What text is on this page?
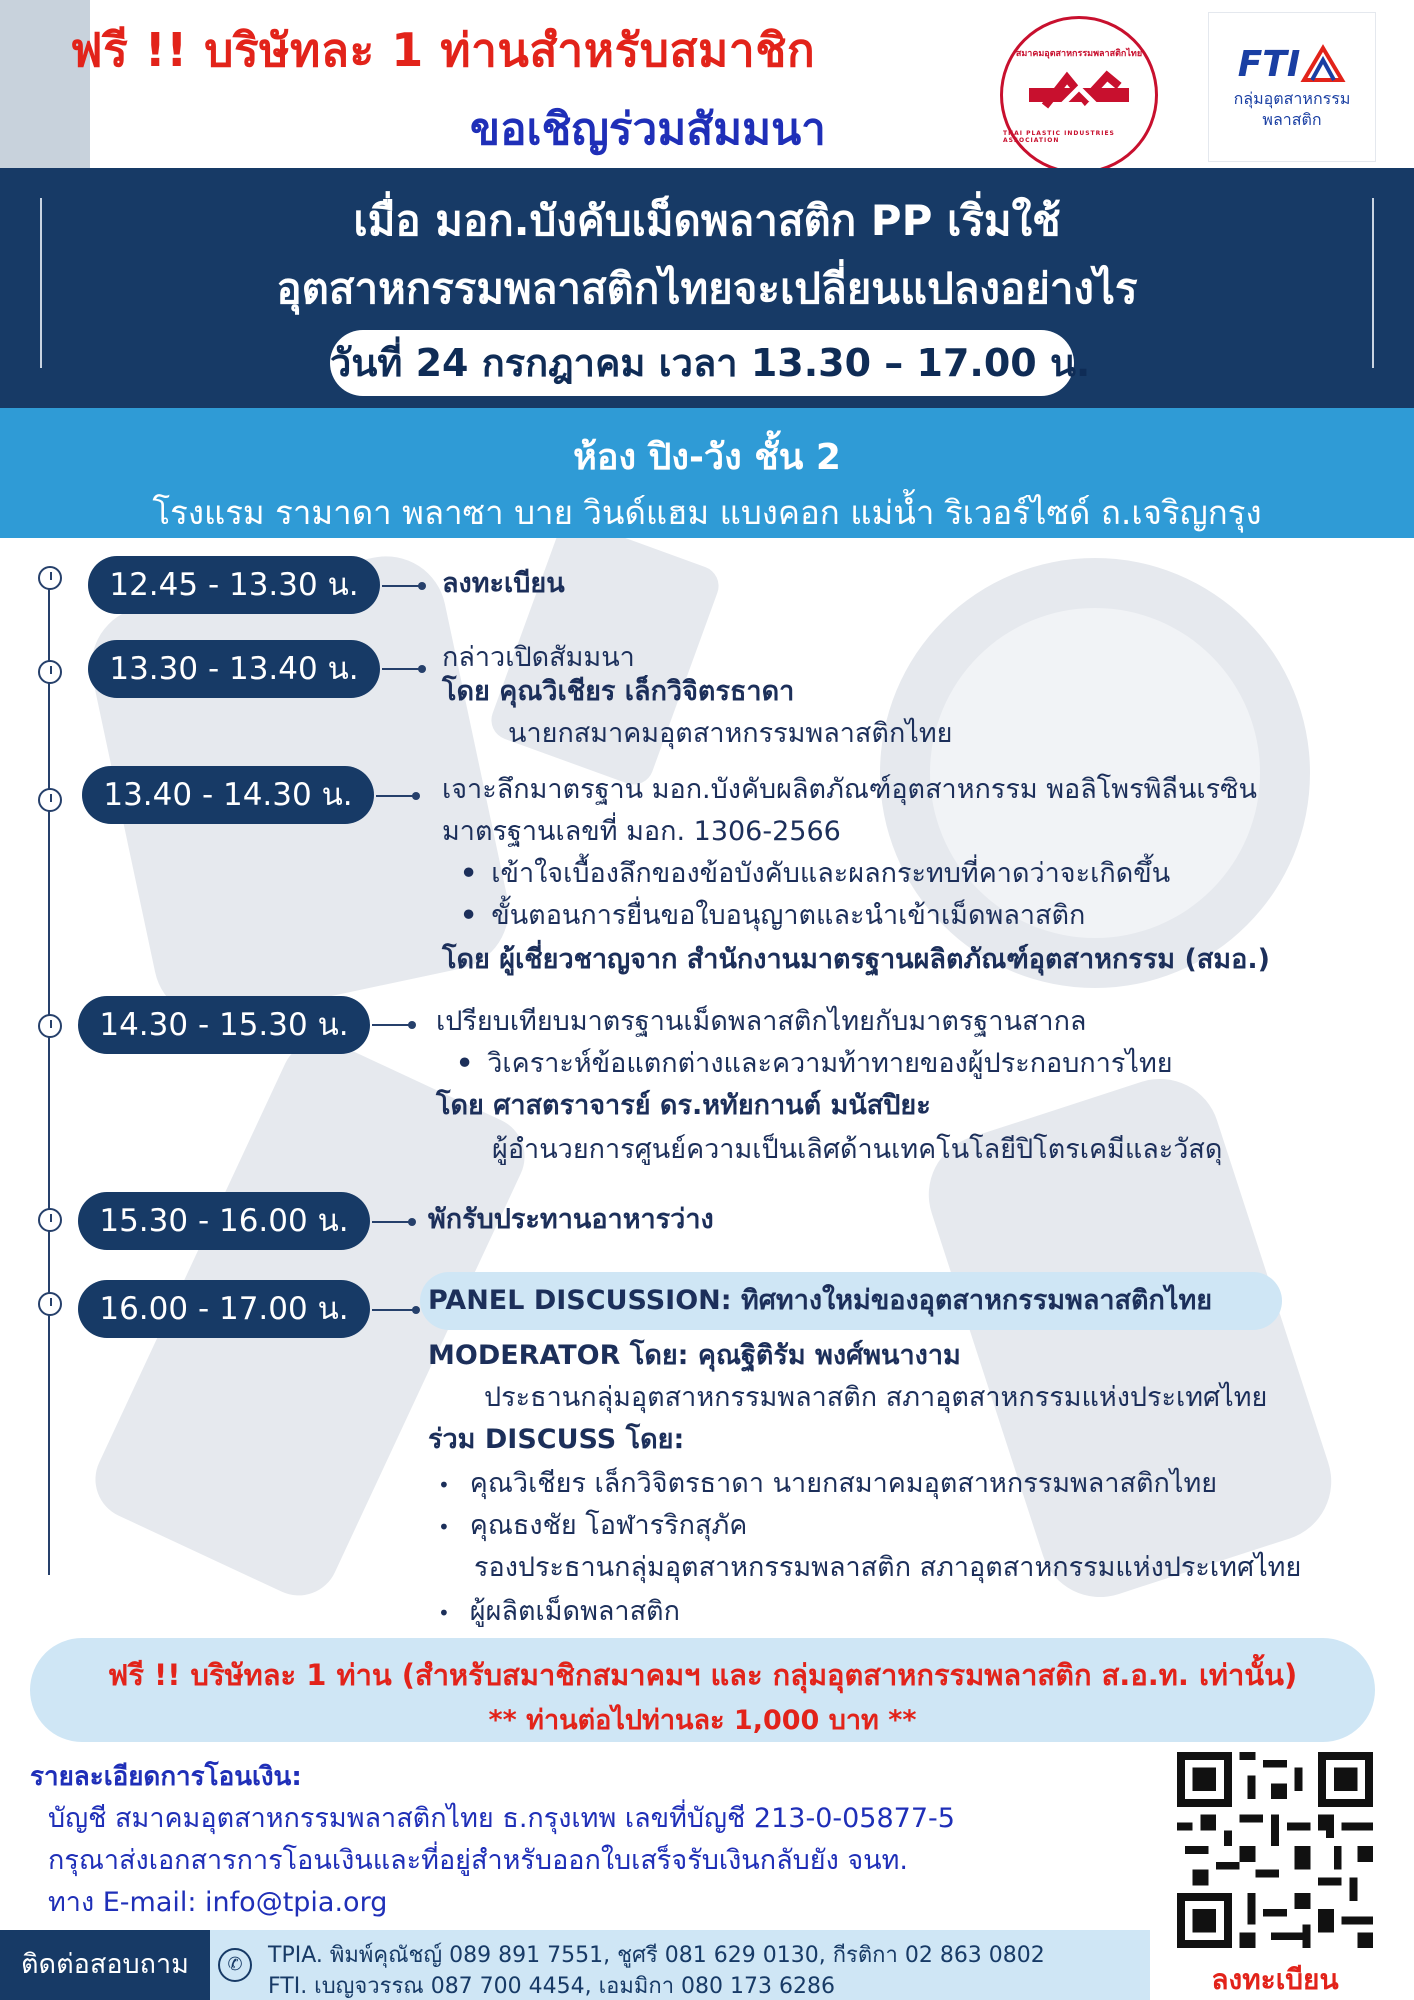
ฟรี !! บริษัทละ 1 ท่านสำหรับสมาชิก
ขอเชิญร่วมสัมมนา
สมาคมอุตสาหกรรมพลาสติกไทย
THAI PLASTIC INDUSTRIES ASSOCIATION
FTI
กลุ่มอุตสาหกรรม
พลาสติก
เมื่อ มอก.บังคับเม็ดพลาสติก PP เริ่มใช้
อุตสาหกรรมพลาสติกไทยจะเปลี่ยนแปลงอย่างไร
วันที่ 24 กรกฎาคม เวลา 13.30 – 17.00 น.
ห้อง ปิง-วัง ชั้น 2
โรงแรม รามาดา พลาซา บาย วินด์แฮม แบงคอก แม่น้ำ ริเวอร์ไซด์ ถ.เจริญกรุง
12.45 - 13.30 น.	ลงทะเบียน
13.30 - 13.40 น.	กล่าวเปิดสัมมนา
โดย คุณวิเชียร เล็กวิจิตรธาดา
นายกสมาคมอุตสาหกรรมพลาสติกไทย
13.40 - 14.30 น.	เจาะลึกมาตรฐาน มอก.บังคับผลิตภัณฑ์อุตสาหกรรม พอลิโพรพิลีนเรซิน
มาตรฐานเลขที่ มอก. 1306-2566
• เข้าใจเบื้องลึกของข้อบังคับและผลกระทบที่คาดว่าจะเกิดขึ้น
• ขั้นตอนการยื่นขอใบอนุญาตและนำเข้าเม็ดพลาสติก
โดย ผู้เชี่ยวชาญจาก สำนักงานมาตรฐานผลิตภัณฑ์อุตสาหกรรม (สมอ.)
14.30 - 15.30 น.	เปรียบเทียบมาตรฐานเม็ดพลาสติกไทยกับมาตรฐานสากล
• วิเคราะห์ข้อแตกต่างและความท้าทายของผู้ประกอบการไทย
โดย ศาสตราจารย์ ดร.หทัยกานต์ มนัสปิยะ
ผู้อำนวยการศูนย์ความเป็นเลิศด้านเทคโนโลยีปิโตรเคมีและวัสดุ
15.30 - 16.00 น.	พักรับประทานอาหารว่าง
16.00 - 17.00 น.	PANEL DISCUSSION: ทิศทางใหม่ของอุตสาหกรรมพลาสติกไทย
MODERATOR โดย: คุณฐิติรัม พงศ์พนางาม
ประธานกลุ่มอุตสาหกรรมพลาสติก สภาอุตสาหกรรมแห่งประเทศไทย
ร่วม DISCUSS โดย:
• คุณวิเชียร เล็กวิจิตรธาดา นายกสมาคมอุตสาหกรรมพลาสติกไทย
• คุณธงชัย โอฬารริกสุภัค
รองประธานกลุ่มอุตสาหกรรมพลาสติก สภาอุตสาหกรรมแห่งประเทศไทย
• ผู้ผลิตเม็ดพลาสติก
ฟรี !! บริษัทละ 1 ท่าน (สำหรับสมาชิกสมาคมฯ และ กลุ่มอุตสาหกรรมพลาสติก ส.อ.ท. เท่านั้น)
** ท่านต่อไปท่านละ 1,000 บาท **
รายละเอียดการโอนเงิน:
บัญชี สมาคมอุตสาหกรรมพลาสติกไทย ธ.กรุงเทพ เลขที่บัญชี 213-0-05877-5
กรุณาส่งเอกสารการโอนเงินและที่อยู่สำหรับออกใบเสร็จรับเงินกลับยัง จนท.
ทาง E-mail: info@tpia.org
ลงทะเบียน
ติดต่อสอบถาม	✆	TPIA. พิมพ์คุณัชญ์ 089 891 7551, ชูศรี 081 629 0130, กีรติกา 02 863 0802
FTI. เบญจวรรณ 087 700 4454, เอมมิกา 080 173 6286
